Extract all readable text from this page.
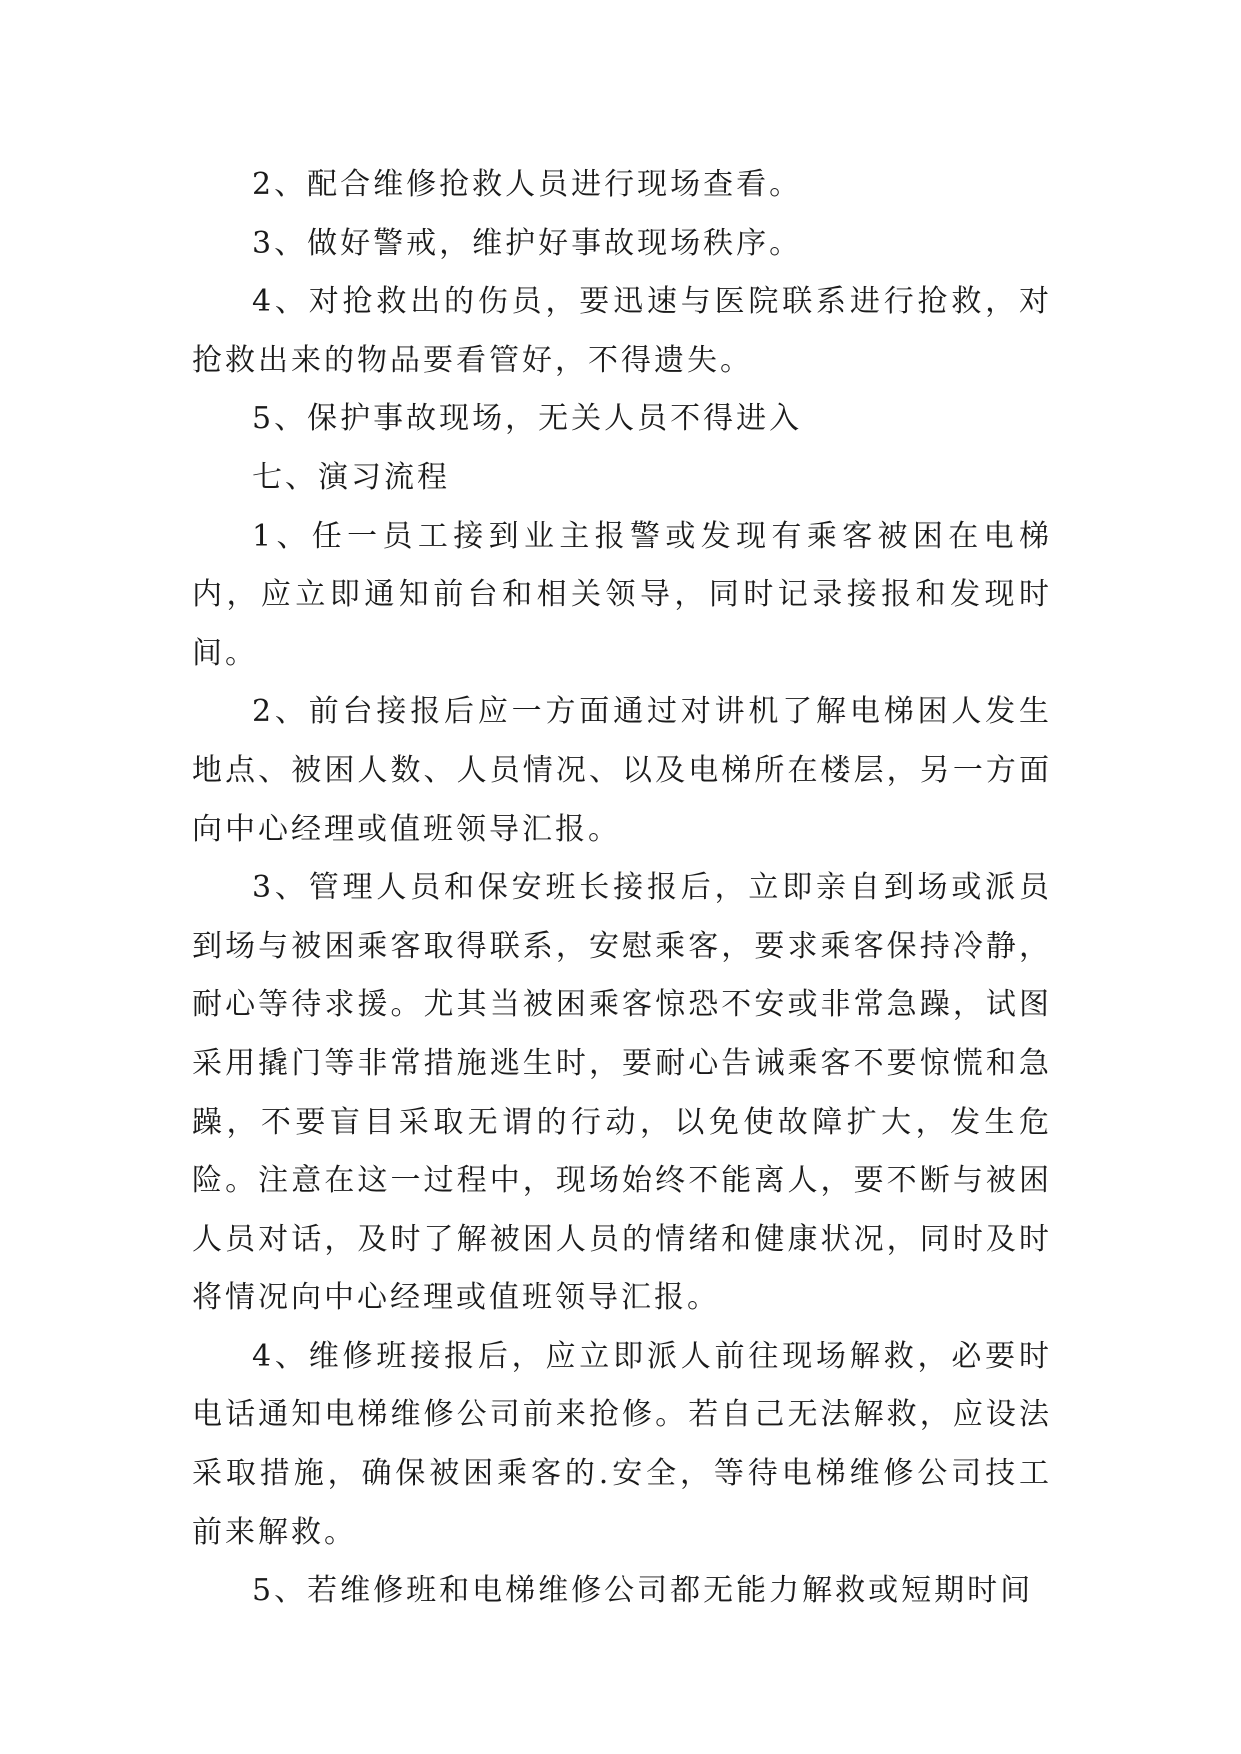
2、配合维修抢救人员进行现场查看。

3、做好警戒，维护好事故现场秩序。

4、对抢救出的伤员，要迅速与医院联系进行抢救，对抢救出来的物品要看管好，不得遗失。

5、保护事故现场，无关人员不得进入

七、演习流程

1、任一员工接到业主报警或发现有乘客被困在电梯内，应立即通知前台和相关领导，同时记录接报和发现时间。

2、前台接报后应一方面通过对讲机了解电梯困人发生地点、被困人数、人员情况、以及电梯所在楼层，另一方面向中心经理或值班领导汇报。

3、管理人员和保安班长接报后，立即亲自到场或派员到场与被困乘客取得联系，安慰乘客，要求乘客保持冷静，耐心等待求援。尤其当被困乘客惊恐不安或非常急躁，试图采用撬门等非常措施逃生时，要耐心告诫乘客不要惊慌和急躁，不要盲目采取无谓的行动，以免使故障扩大，发生危险。注意在这一过程中，现场始终不能离人，要不断与被困人员对话，及时了解被困人员的情绪和健康状况，同时及时将情况向中心经理或值班领导汇报。

4、维修班接报后，应立即派人前往现场解救，必要时电话通知电梯维修公司前来抢修。若自己无法解救，应设法采取措施，确保被困乘客的.安全，等待电梯维修公司技工前来解救。

5、若维修班和电梯维修公司都无能力解救或短期时间
